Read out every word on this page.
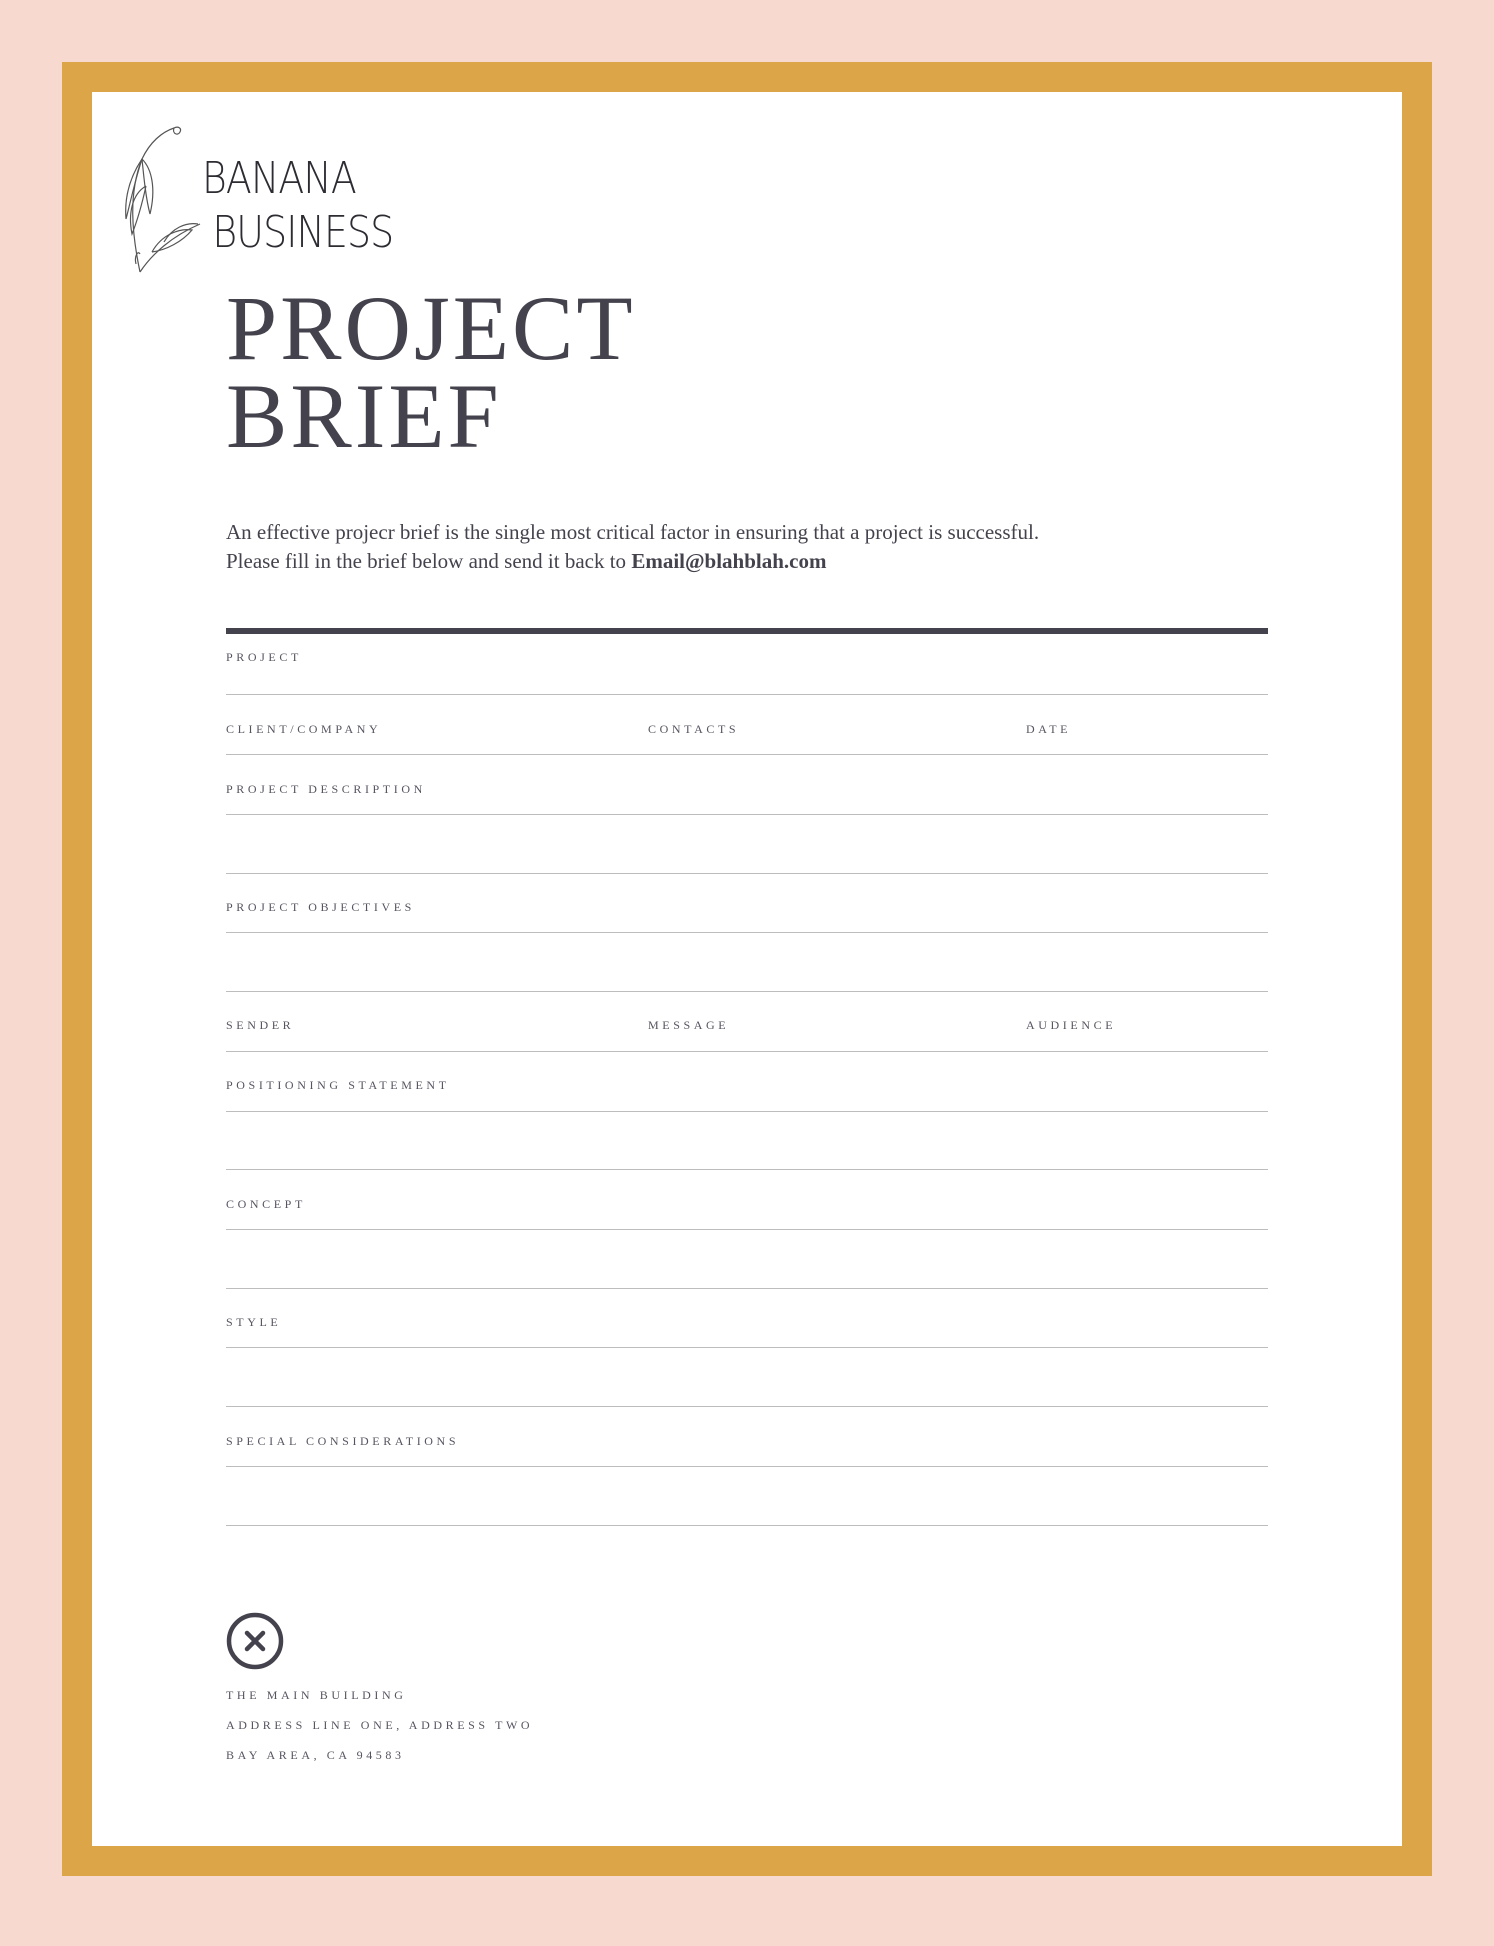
BANANA
BUSINESS
PROJECT
BRIEF
An effective projecr brief is the single most critical factor in ensuring that a project is successful.
Please fill in the brief below and send it back to Email@blahblah.com
PROJECT
CLIENT/COMPANY	CONTACTS	DATE
PROJECT DESCRIPTION
PROJECT OBJECTIVES
SENDER	MESSAGE	AUDIENCE
POSITIONING STATEMENT
CONCEPT
STYLE
SPECIAL CONSIDERATIONS
THE MAIN BUILDING
ADDRESS LINE ONE, ADDRESS TWO
BAY AREA, CA 94583
